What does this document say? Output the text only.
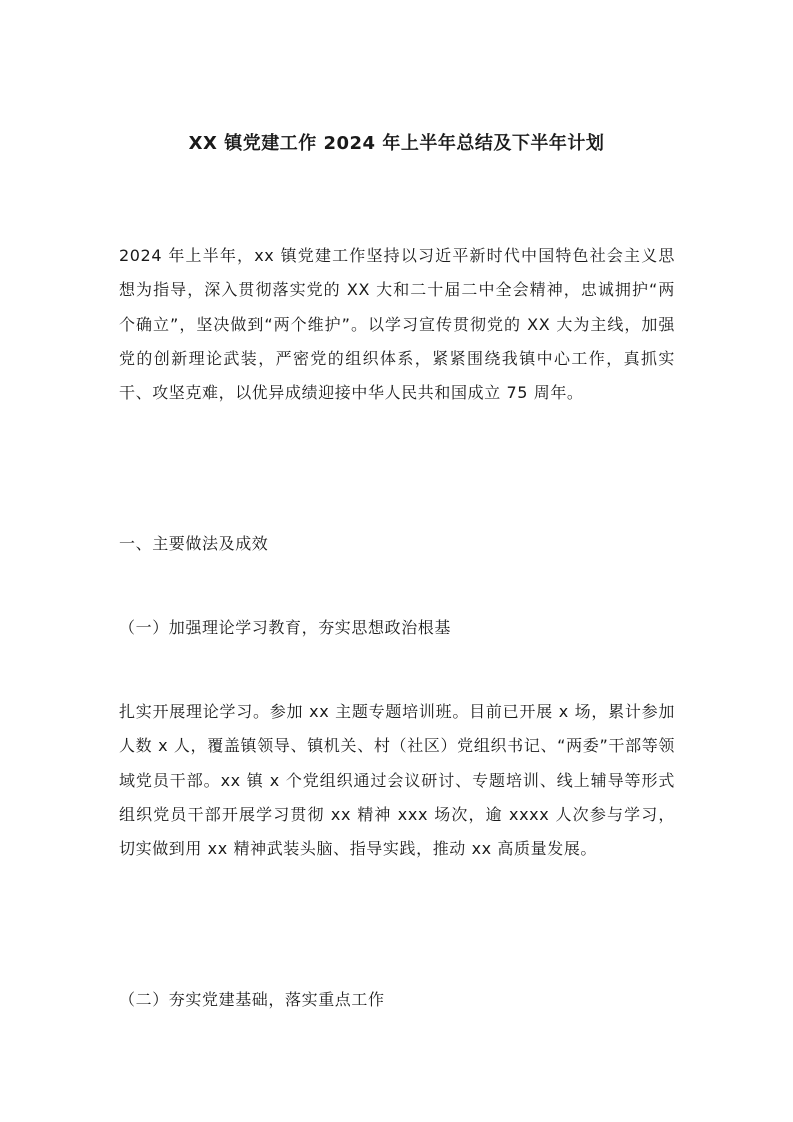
XX 镇党建工作 2024 年上半年总结及下半年计划
2024 年上半年，xx 镇党建工作坚持以习近平新时代中国特色社会主义思想为指导，深入贯彻落实党的 XX 大和二十届二中全会精神，忠诚拥护“两个确立”，坚决做到“两个维护”。以学习宣传贯彻党的 XX 大为主线，加强党的创新理论武装，严密党的组织体系，紧紧围绕我镇中心工作，真抓实干、攻坚克难，以优异成绩迎接中华人民共和国成立 75 周年。
一、主要做法及成效
（一）加强理论学习教育，夯实思想政治根基
扎实开展理论学习。参加 xx 主题专题培训班。目前已开展 x 场，累计参加人数 x 人，覆盖镇领导、镇机关、村（社区）党组织书记、“两委”干部等领域党员干部。xx 镇 x 个党组织通过会议研讨、专题培训、线上辅导等形式组织党员干部开展学习贯彻 xx 精神 xxx 场次，逾 xxxx 人次参与学习，切实做到用 xx 精神武装头脑、指导实践，推动 xx 高质量发展。
（二）夯实党建基础，落实重点工作
